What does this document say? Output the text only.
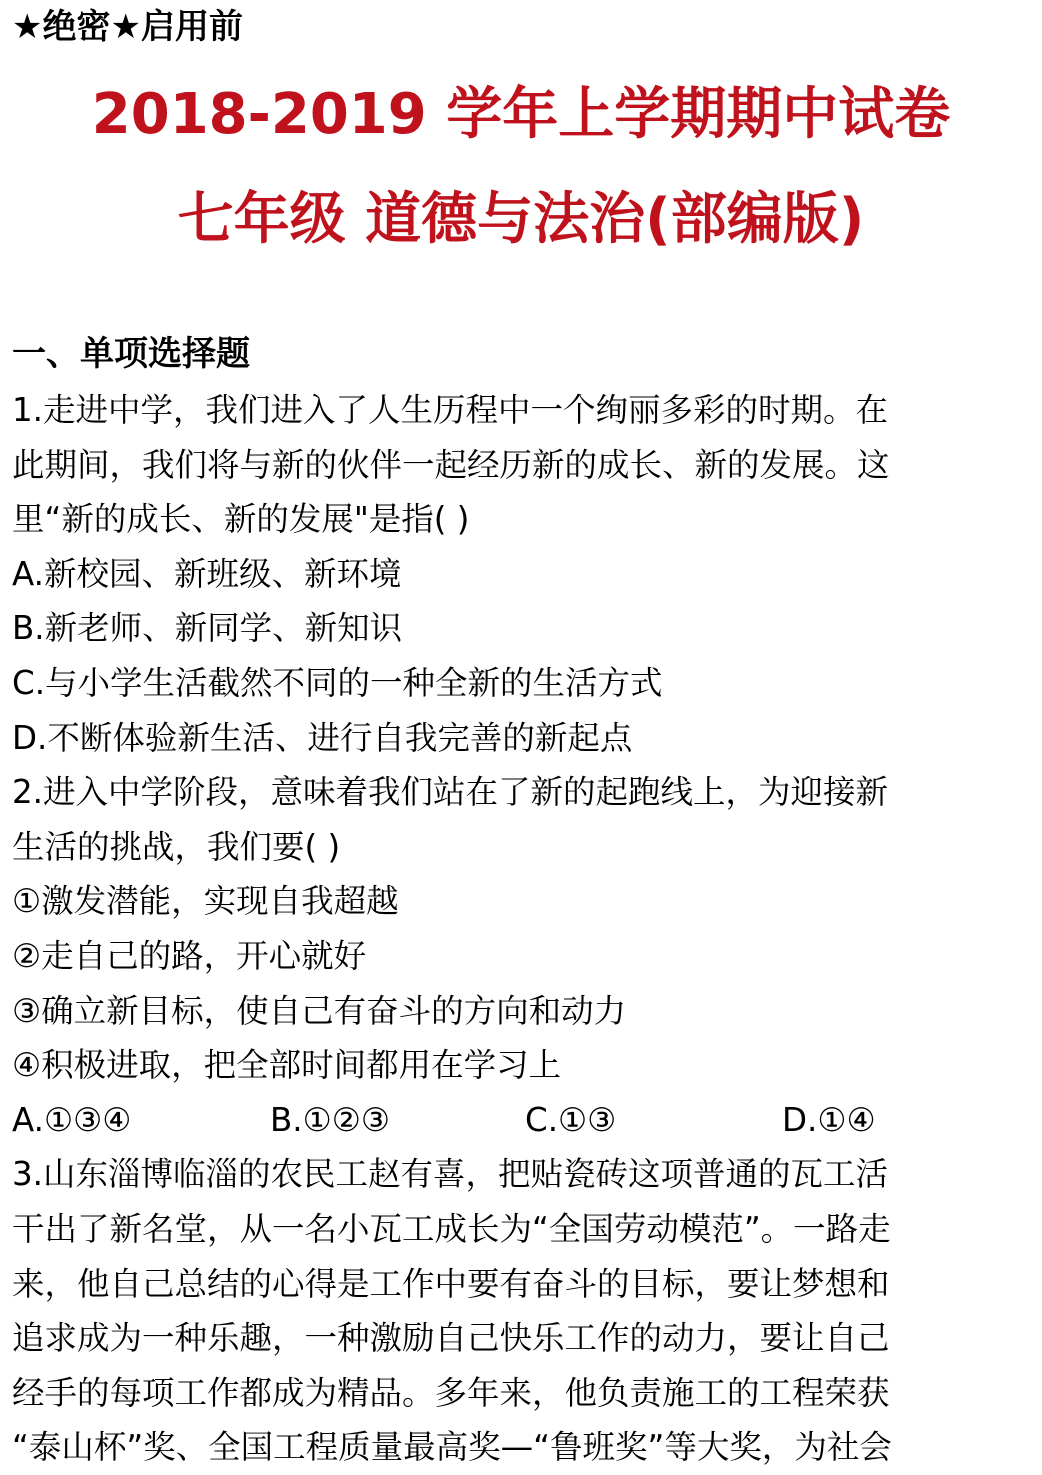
★绝密★启用前
2018-2019 学年上学期期中试卷
七年级 道德与法治(部编版)
一、单项选择题
1.走进中学，我们进入了人生历程中一个绚丽多彩的时期。在
此期间，我们将与新的伙伴一起经历新的成长、新的发展。这
里“新的成长、新的发展"是指( )
A.新校园、新班级、新环境
B.新老师、新同学、新知识
C.与小学生活截然不同的一种全新的生活方式
D.不断体验新生活、进行自我完善的新起点
2.进入中学阶段，意味着我们站在了新的起跑线上，为迎接新
生活的挑战，我们要( )
①激发潜能，实现自我超越
②走自己的路，开心就好
③确立新目标，使自己有奋斗的方向和动力
④积极进取，把全部时间都用在学习上
A.①③④	B.①②③	C.①③	D.①④
3.山东淄博临淄的农民工赵有喜，把贴瓷砖这项普通的瓦工活
干出了新名堂，从一名小瓦工成长为“全国劳动模范”。一路走
来，他自己总结的心得是工作中要有奋斗的目标，要让梦想和
追求成为一种乐趣，一种激励自己快乐工作的动力，要让自己
经手的每项工作都成为精品。多年来，他负责施工的工程荣获
“泰山杯”奖、全国工程质量最高奖—“鲁班奖”等大奖，为社会
